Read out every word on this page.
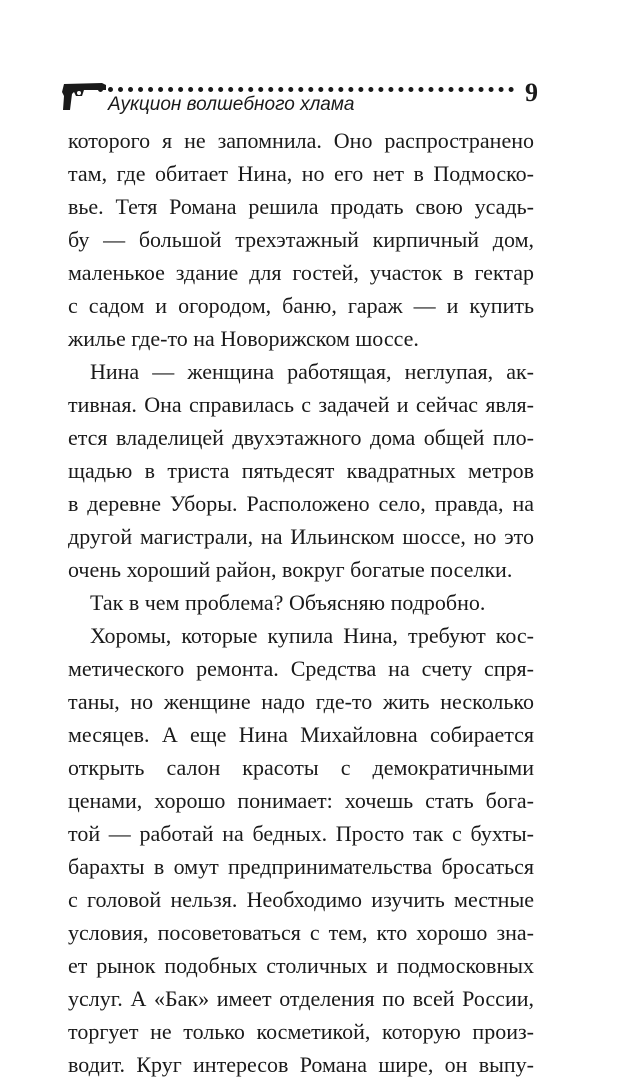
Аукцион волшебного хлама	9
которого я не запомнила. Оно распространено
там, где обитает Нина, но его нет в Подмоско-
вье. Тетя Романа решила продать свою усадь-
бу — большой трехэтажный кирпичный дом,
маленькое здание для гостей, участок в гектар
с садом и огородом, баню, гараж — и купить
жилье где-то на Новорижском шоссе.
Нина — женщина работящая, неглупая, ак-
тивная. Она справилась с задачей и сейчас явля-
ется владелицей двухэтажного дома общей пло-
щадью в триста пятьдесят квадратных метров
в деревне Уборы. Расположено село, правда, на
другой магистрали, на Ильинском шоссе, но это
очень хороший район, вокруг богатые поселки.
Так в чем проблема? Объясняю подробно.
Хоромы, которые купила Нина, требуют кос-
метического ремонта. Средства на счету спря-
таны, но женщине надо где-то жить несколько
месяцев. А еще Нина Михайловна собирается
открыть салон красоты с демократичными
ценами, хорошо понимает: хочешь стать бога-
той — работай на бедных. Просто так с бухты-
барахты в омут предпринимательства бросаться
с головой нельзя. Необходимо изучить местные
условия, посоветоваться с тем, кто хорошо зна-
ет рынок подобных столичных и подмосковных
услуг. А «Бак» имеет отделения по всей России,
торгует не только косметикой, которую произ-
водит. Круг интересов Романа шире, он выпу-
